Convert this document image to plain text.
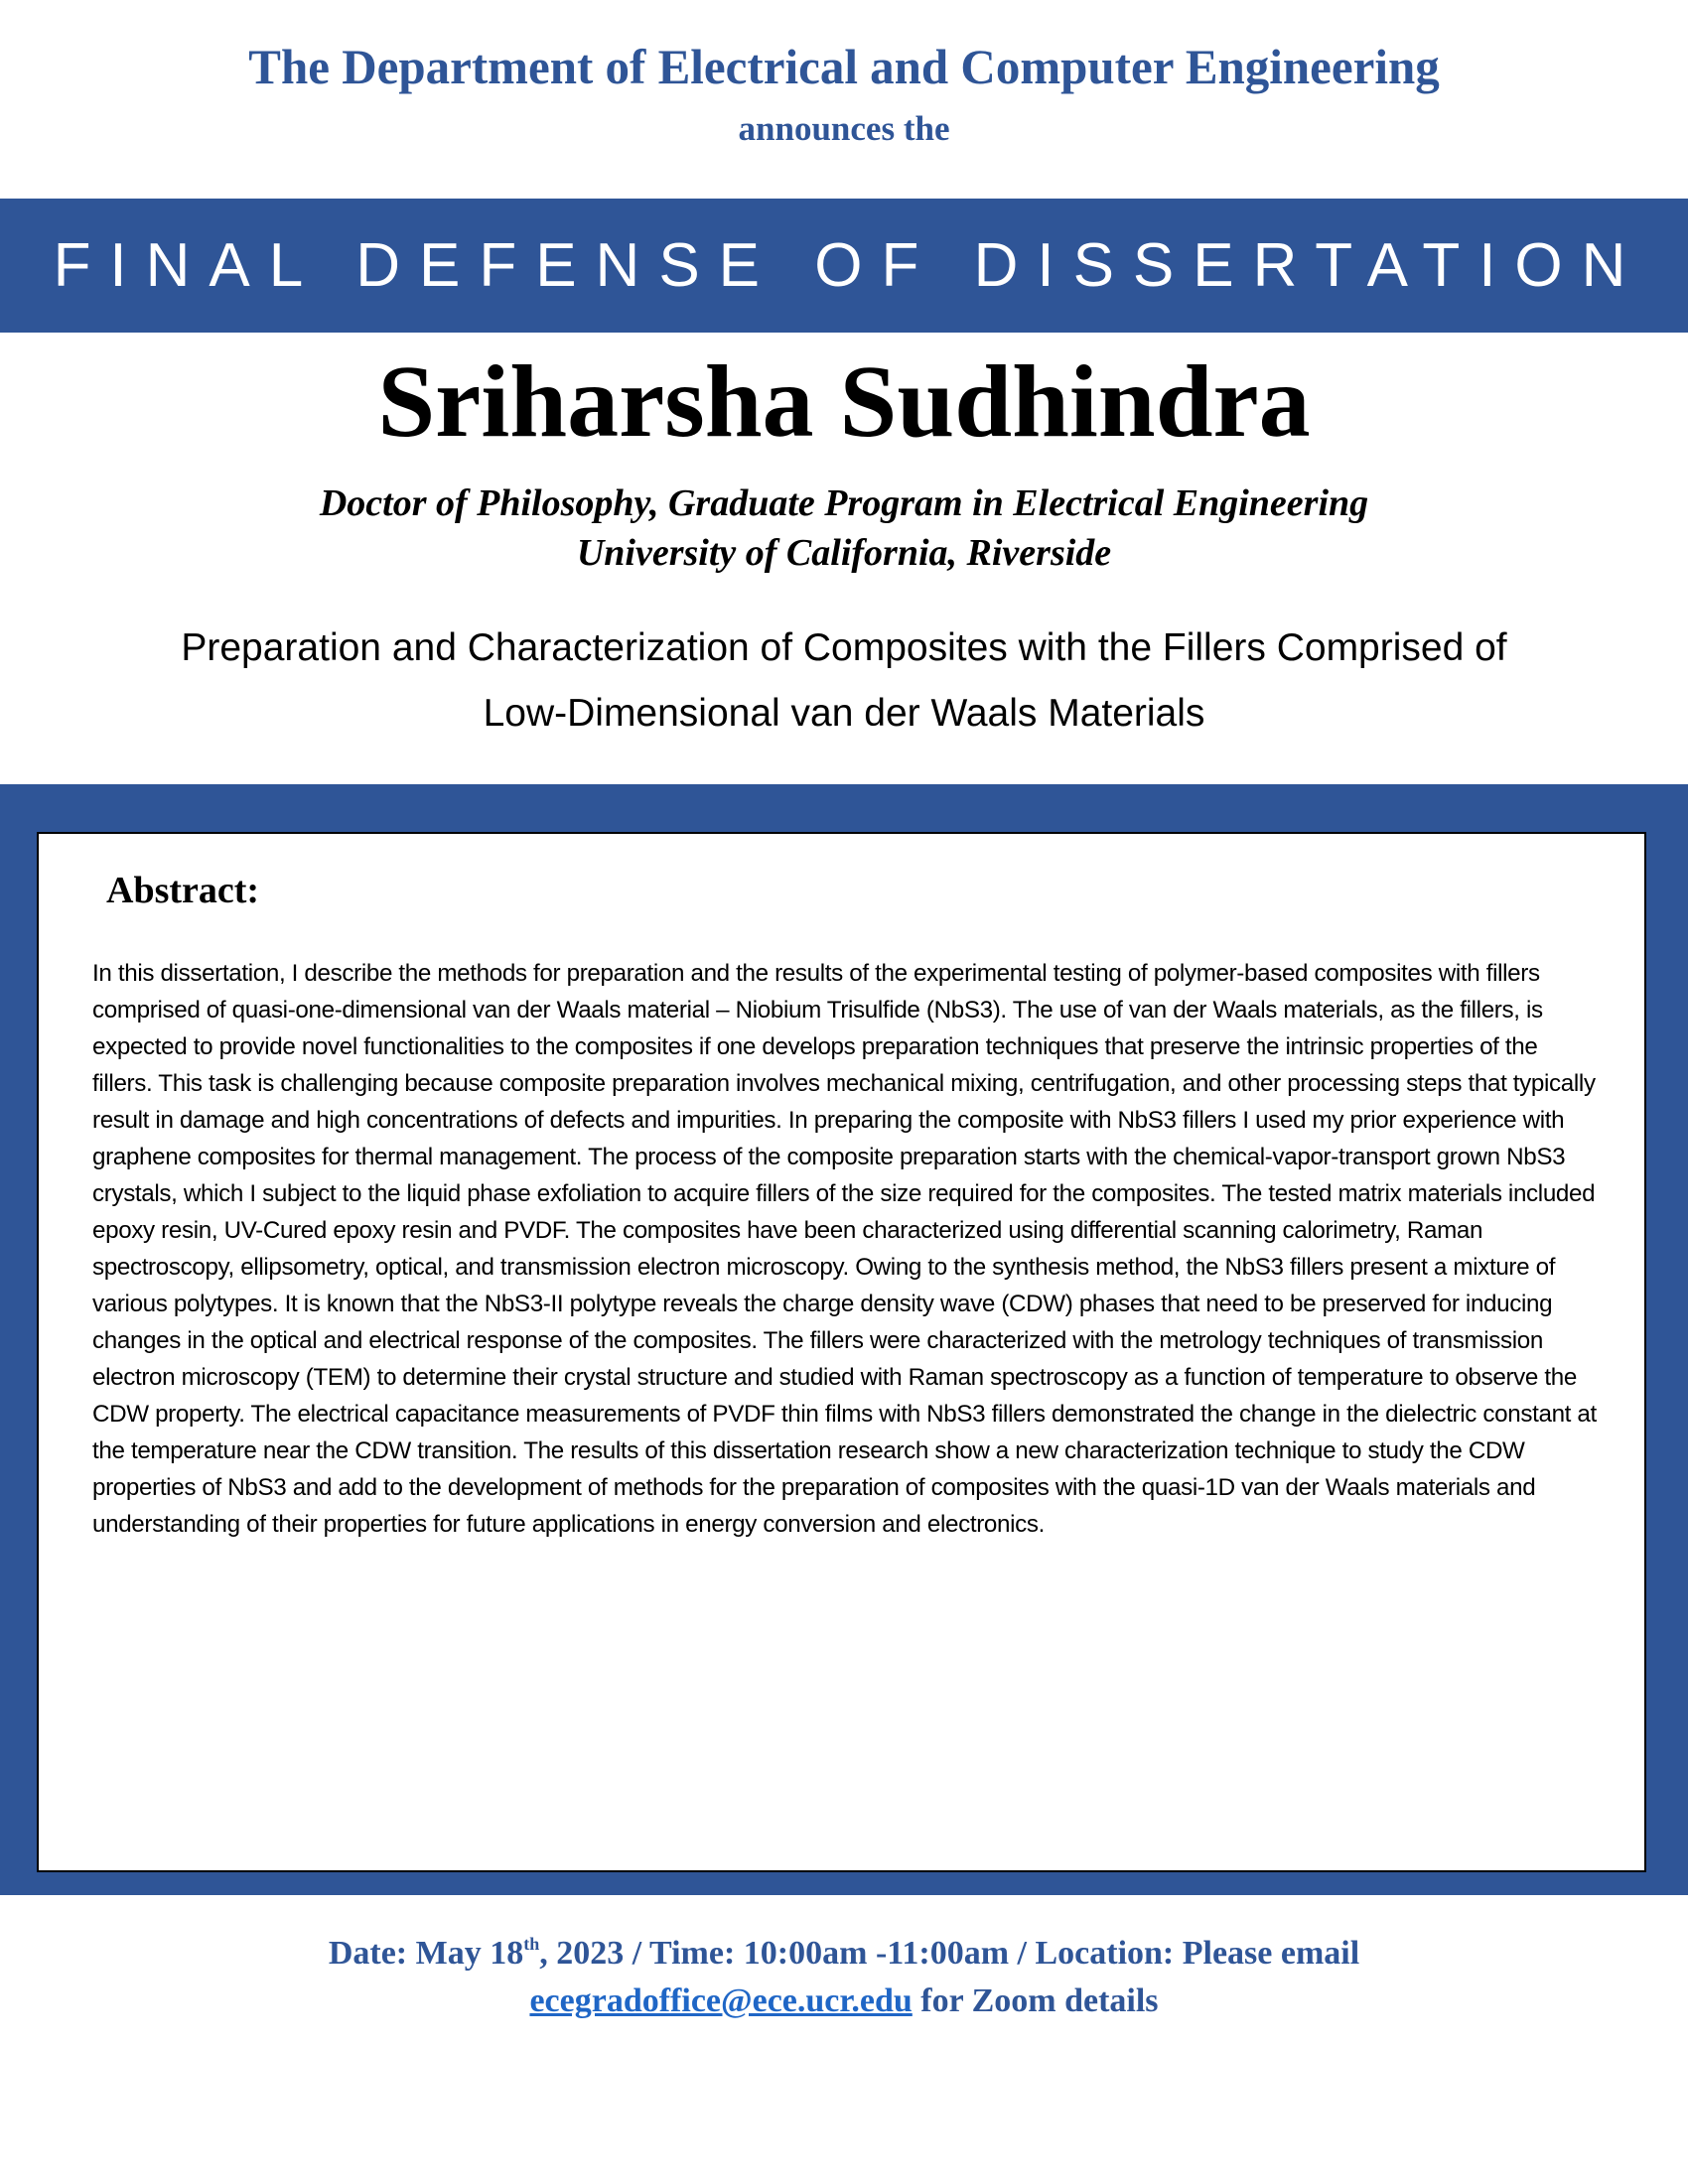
The Department of Electrical and Computer Engineering
announces the
FINAL DEFENSE OF DISSERTATION
Sriharsha Sudhindra
Doctor of Philosophy, Graduate Program in Electrical Engineering
University of California, Riverside
Preparation and Characterization of Composites with the Fillers Comprised of
Low-Dimensional van der Waals Materials
Abstract:
In this dissertation, I describe the methods for preparation and the results of the experimental testing of polymer-based composites with fillers comprised of quasi-one-dimensional van der Waals material – Niobium Trisulfide (NbS3). The use of van der Waals materials, as the fillers, is expected to provide novel functionalities to the composites if one develops preparation techniques that preserve the intrinsic properties of the fillers. This task is challenging because composite preparation involves mechanical mixing, centrifugation, and other processing steps that typically result in damage and high concentrations of defects and impurities. In preparing the composite with NbS3 fillers I used my prior experience with graphene composites for thermal management. The process of the composite preparation starts with the chemical-vapor-transport grown NbS3 crystals, which I subject to the liquid phase exfoliation to acquire fillers of the size required for the composites. The tested matrix materials included epoxy resin, UV-Cured epoxy resin and PVDF. The composites have been characterized using differential scanning calorimetry, Raman spectroscopy, ellipsometry, optical, and transmission electron microscopy. Owing to the synthesis method, the NbS3 fillers present a mixture of various polytypes. It is known that the NbS3-II polytype reveals the charge density wave (CDW) phases that need to be preserved for inducing changes in the optical and electrical response of the composites. The fillers were characterized with the metrology techniques of transmission electron microscopy (TEM) to determine their crystal structure and studied with Raman spectroscopy as a function of temperature to observe the CDW property. The electrical capacitance measurements of PVDF thin films with NbS3 fillers demonstrated the change in the dielectric constant at the temperature near the CDW transition. The results of this dissertation research show a new characterization technique to study the CDW properties of NbS3 and add to the development of methods for the preparation of composites with the quasi-1D van der Waals materials and understanding of their properties for future applications in energy conversion and electronics.
Date: May 18th, 2023 / Time: 10:00am -11:00am / Location: Please email
ecegradoffice@ece.ucr.edu for Zoom details
